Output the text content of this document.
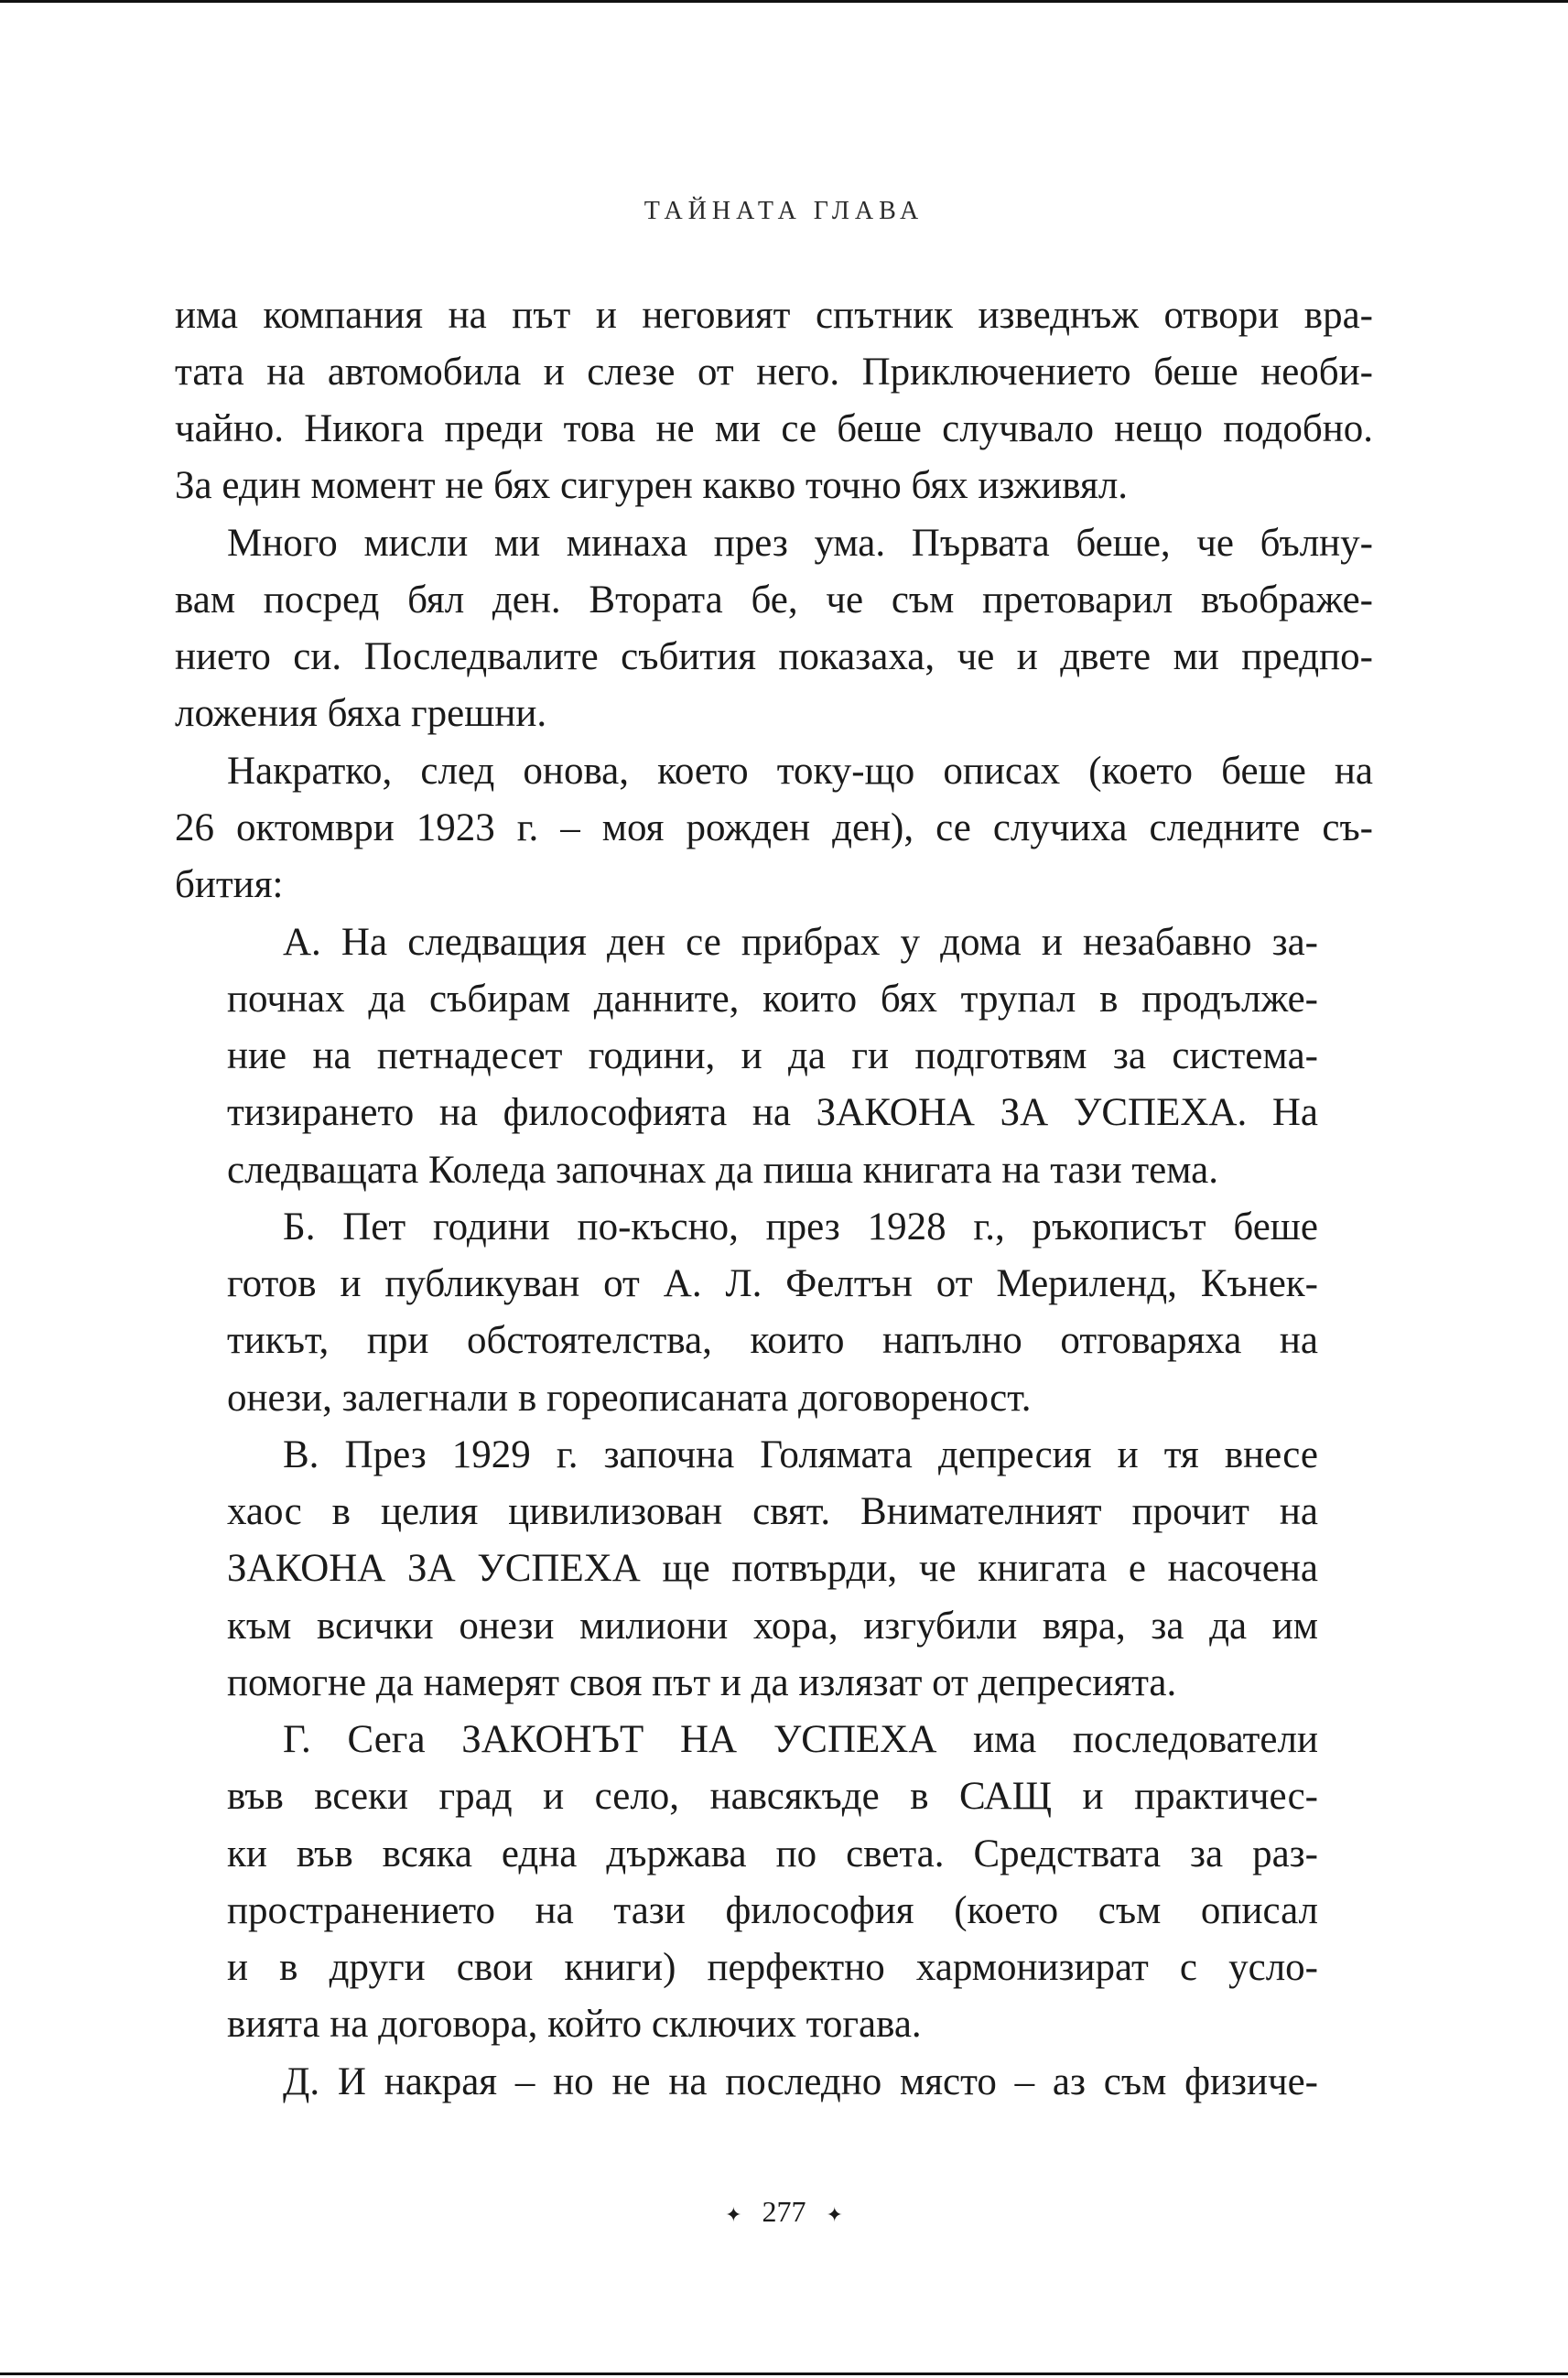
ТАЙНАТА ГЛАВА
има компания на път и неговият спътник изведнъж отвори вра-
тата на автомобила и слезе от него. Приключението беше необи-
чайно. Никога преди това не ми се беше случвало нещо подобно.
За един момент не бях сигурен какво точно бях изживял.
Много мисли ми минаха през ума. Първата беше, че бълну-
вам посред бял ден. Втората бе, че съм претоварил въображе-
нието си. Последвалите събития показаха, че и двете ми предпо-
ложения бяха грешни.
Накратко, след онова, което току-що описах (което беше на
26 октомври 1923 г. – моя рожден ден), се случиха следните съ-
бития:
А. На следващия ден се прибрах у дома и незабавно за-
почнах да събирам данните, които бях трупал в продълже-
ние на петнадесет години, и да ги подготвям за системa-
тизирането на философията на ЗАКОНА ЗА УСПЕХА. На
следващата Коледа започнах да пиша книгата на тази тема.
Б. Пет години по-късно, през 1928 г., ръкописът беше
готов и публикуван от А. Л. Фелтън от Мериленд, Кънек-
тикът, при обстоятелства, които напълно отговаряха на
онези, залегнали в гореописаната договореност.
В. През 1929 г. започна Голямата депресия и тя внесе
хаос в целия цивилизован свят. Внимателният прочит на
ЗАКОНА ЗА УСПЕХА ще потвърди, че книгата е насочена
към всички онези милиони хора, изгубили вяра, за да им
помогне да намерят своя път и да излязат от депресията.
Г. Сега ЗАКОНЪТ НА УСПЕХА има последователи
във всеки град и село, навсякъде в САЩ и практичес-
ки във всяка една държава по света. Средствата за раз-
пространението на тази философия (което съм описал
и в други свои книги) перфектно хармонизират с усло-
вията на договора, който сключих тогава.
Д. И накрая – но не на последно място – аз съм физиче-
✦ 277 ✦
